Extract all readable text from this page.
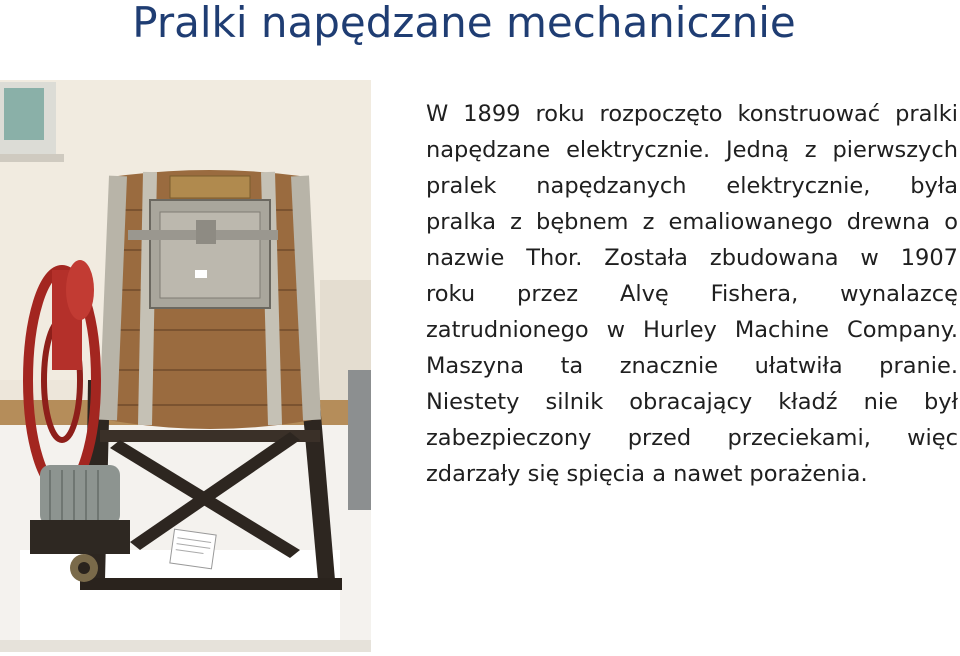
Pralki napędzane mechanicznie
W 1899 roku rozpoczęto konstruować pralki
napędzane elektrycznie. Jedną z pierwszych
pralek napędzanych elektrycznie, była
pralka z bębnem z emaliowanego drewna o
nazwie Thor. Została zbudowana w 1907
roku przez Alvę Fishera, wynalazcę
zatrudnionego w Hurley Machine Company.
Maszyna ta znacznie ułatwiła pranie.
Niestety silnik obracający kładź nie był
zabezpieczony przed przeciekami, więc
zdarzały się spięcia a nawet porażenia.
